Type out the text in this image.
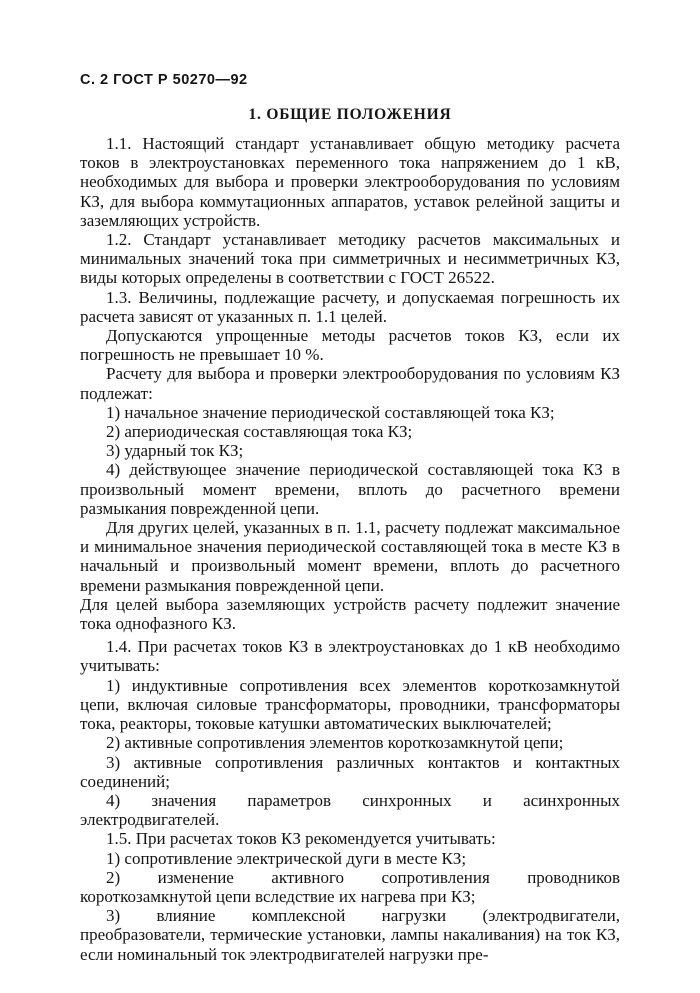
С. 2 ГОСТ Р 50270—92
1. ОБЩИЕ ПОЛОЖЕНИЯ

1.1. Настоящий стандарт устанавливает общую методику расчета токов в электроустановках переменного тока напряжением до 1 кВ, необходимых для выбора и проверки электрооборудования по условиям КЗ, для выбора коммутационных аппаратов, уставок релейной защиты и заземляющих устройств.

1.2. Стандарт устанавливает методику расчетов максимальных и минимальных значений тока при симметричных и несимметричных КЗ, виды которых определены в соответствии с ГОСТ 26522.

1.3. Величины, подлежащие расчету, и допускаемая погрешность их расчета зависят от указанных п. 1.1 целей.

Допускаются упрощенные методы расчетов токов КЗ, если их погрешность не превышает 10 %.

Расчету для выбора и проверки электрооборудования по условиям КЗ подлежат:

1) начальное значение периодической составляющей тока КЗ;

2) апериодическая составляющая тока КЗ;

3) ударный ток КЗ;

4) действующее значение периодической составляющей тока КЗ в произвольный момент времени, вплоть до расчетного времени размыкания поврежденной цепи.

Для других целей, указанных в п. 1.1, расчету подлежат максимальное и минимальное значения периодической составляющей тока в месте КЗ в начальный и произвольный момент времени, вплоть до расчетного времени размыкания поврежденной цепи.

Для целей выбора заземляющих устройств расчету подлежит значение тока однофазного КЗ.

1.4. При расчетах токов КЗ в электроустановках до 1 кВ необходимо учитывать:

1) индуктивные сопротивления всех элементов короткозамкнутой цепи, включая силовые трансформаторы, проводники, трансформаторы тока, реакторы, токовые катушки автоматических выключателей;

2) активные сопротивления элементов короткозамкнутой цепи;

3) активные сопротивления различных контактов и контактных соединений;

4) значения параметров синхронных и асинхронных электродвигателей.

1.5. При расчетах токов КЗ рекомендуется учитывать:

1) сопротивление электрической дуги в месте КЗ;

2) изменение активного сопротивления проводников короткозамкнутой цепи вследствие их нагрева при КЗ;

3) влияние комплексной нагрузки (электродвигатели, преобразователи, термические установки, лампы накаливания) на ток КЗ, если номинальный ток электродвигателей нагрузки пре-
